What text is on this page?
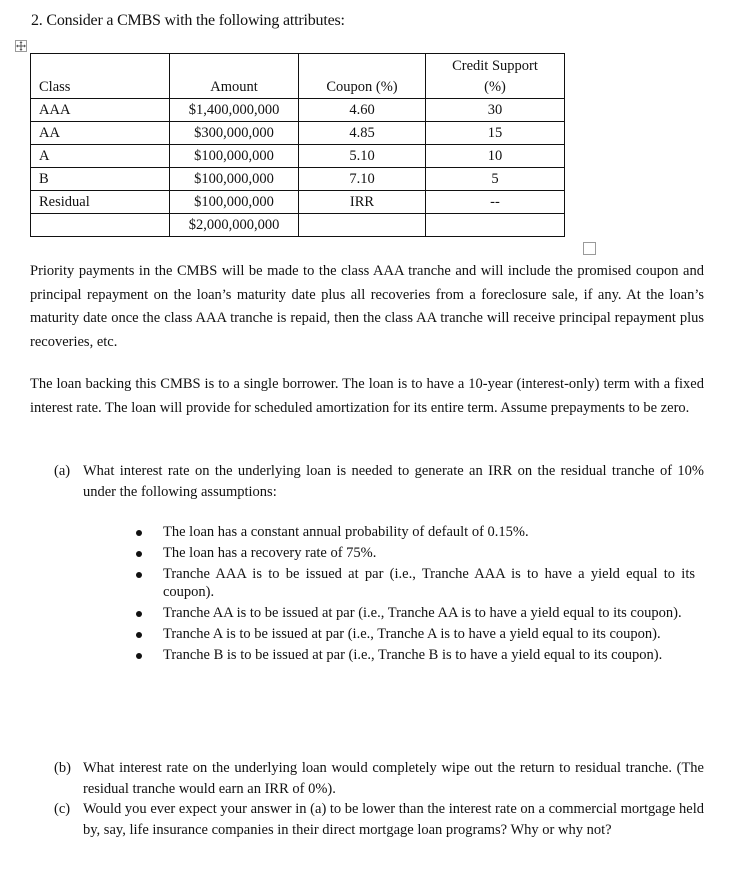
2. Consider a CMBS with the following attributes:
Class	Amount	Coupon (%)	Credit Support
(%)
AAA	$1,400,000,000	4.60	30
AA	$300,000,000	4.85	15
A	$100,000,000	5.10	10
B	$100,000,000	7.10	5
Residual	$100,000,000	IRR	--
	$2,000,000,000		
Priority payments in the CMBS will be made to the class AAA tranche and will include the promised coupon and principal repayment on the loan’s maturity date plus all recoveries from a foreclosure sale, if any. At the loan’s maturity date once the class AAA tranche is repaid, then the class AA tranche will receive principal repayment plus recoveries, etc.
The loan backing this CMBS is to a single borrower. The loan is to have a 10-year (interest-only) term with a fixed interest rate. The loan will provide for scheduled amortization for its entire term. Assume prepayments to be zero.
(a) What interest rate on the underlying loan is needed to generate an IRR on the residual tranche of 10% under the following assumptions:
The loan has a constant annual probability of default of 0.15%.
The loan has a recovery rate of 75%.
Tranche AAA is to be issued at par (i.e., Tranche AAA is to have a yield equal to its coupon).
Tranche AA is to be issued at par (i.e., Tranche AA is to have a yield equal to its coupon).
Tranche A is to be issued at par (i.e., Tranche A is to have a yield equal to its coupon).
Tranche B is to be issued at par (i.e., Tranche B is to have a yield equal to its coupon).
(b) What interest rate on the underlying loan would completely wipe out the return to residual tranche. (The residual tranche would earn an IRR of 0%).
(c) Would you ever expect your answer in (a) to be lower than the interest rate on a commercial mortgage held by, say, life insurance companies in their direct mortgage loan programs? Why or why not?
